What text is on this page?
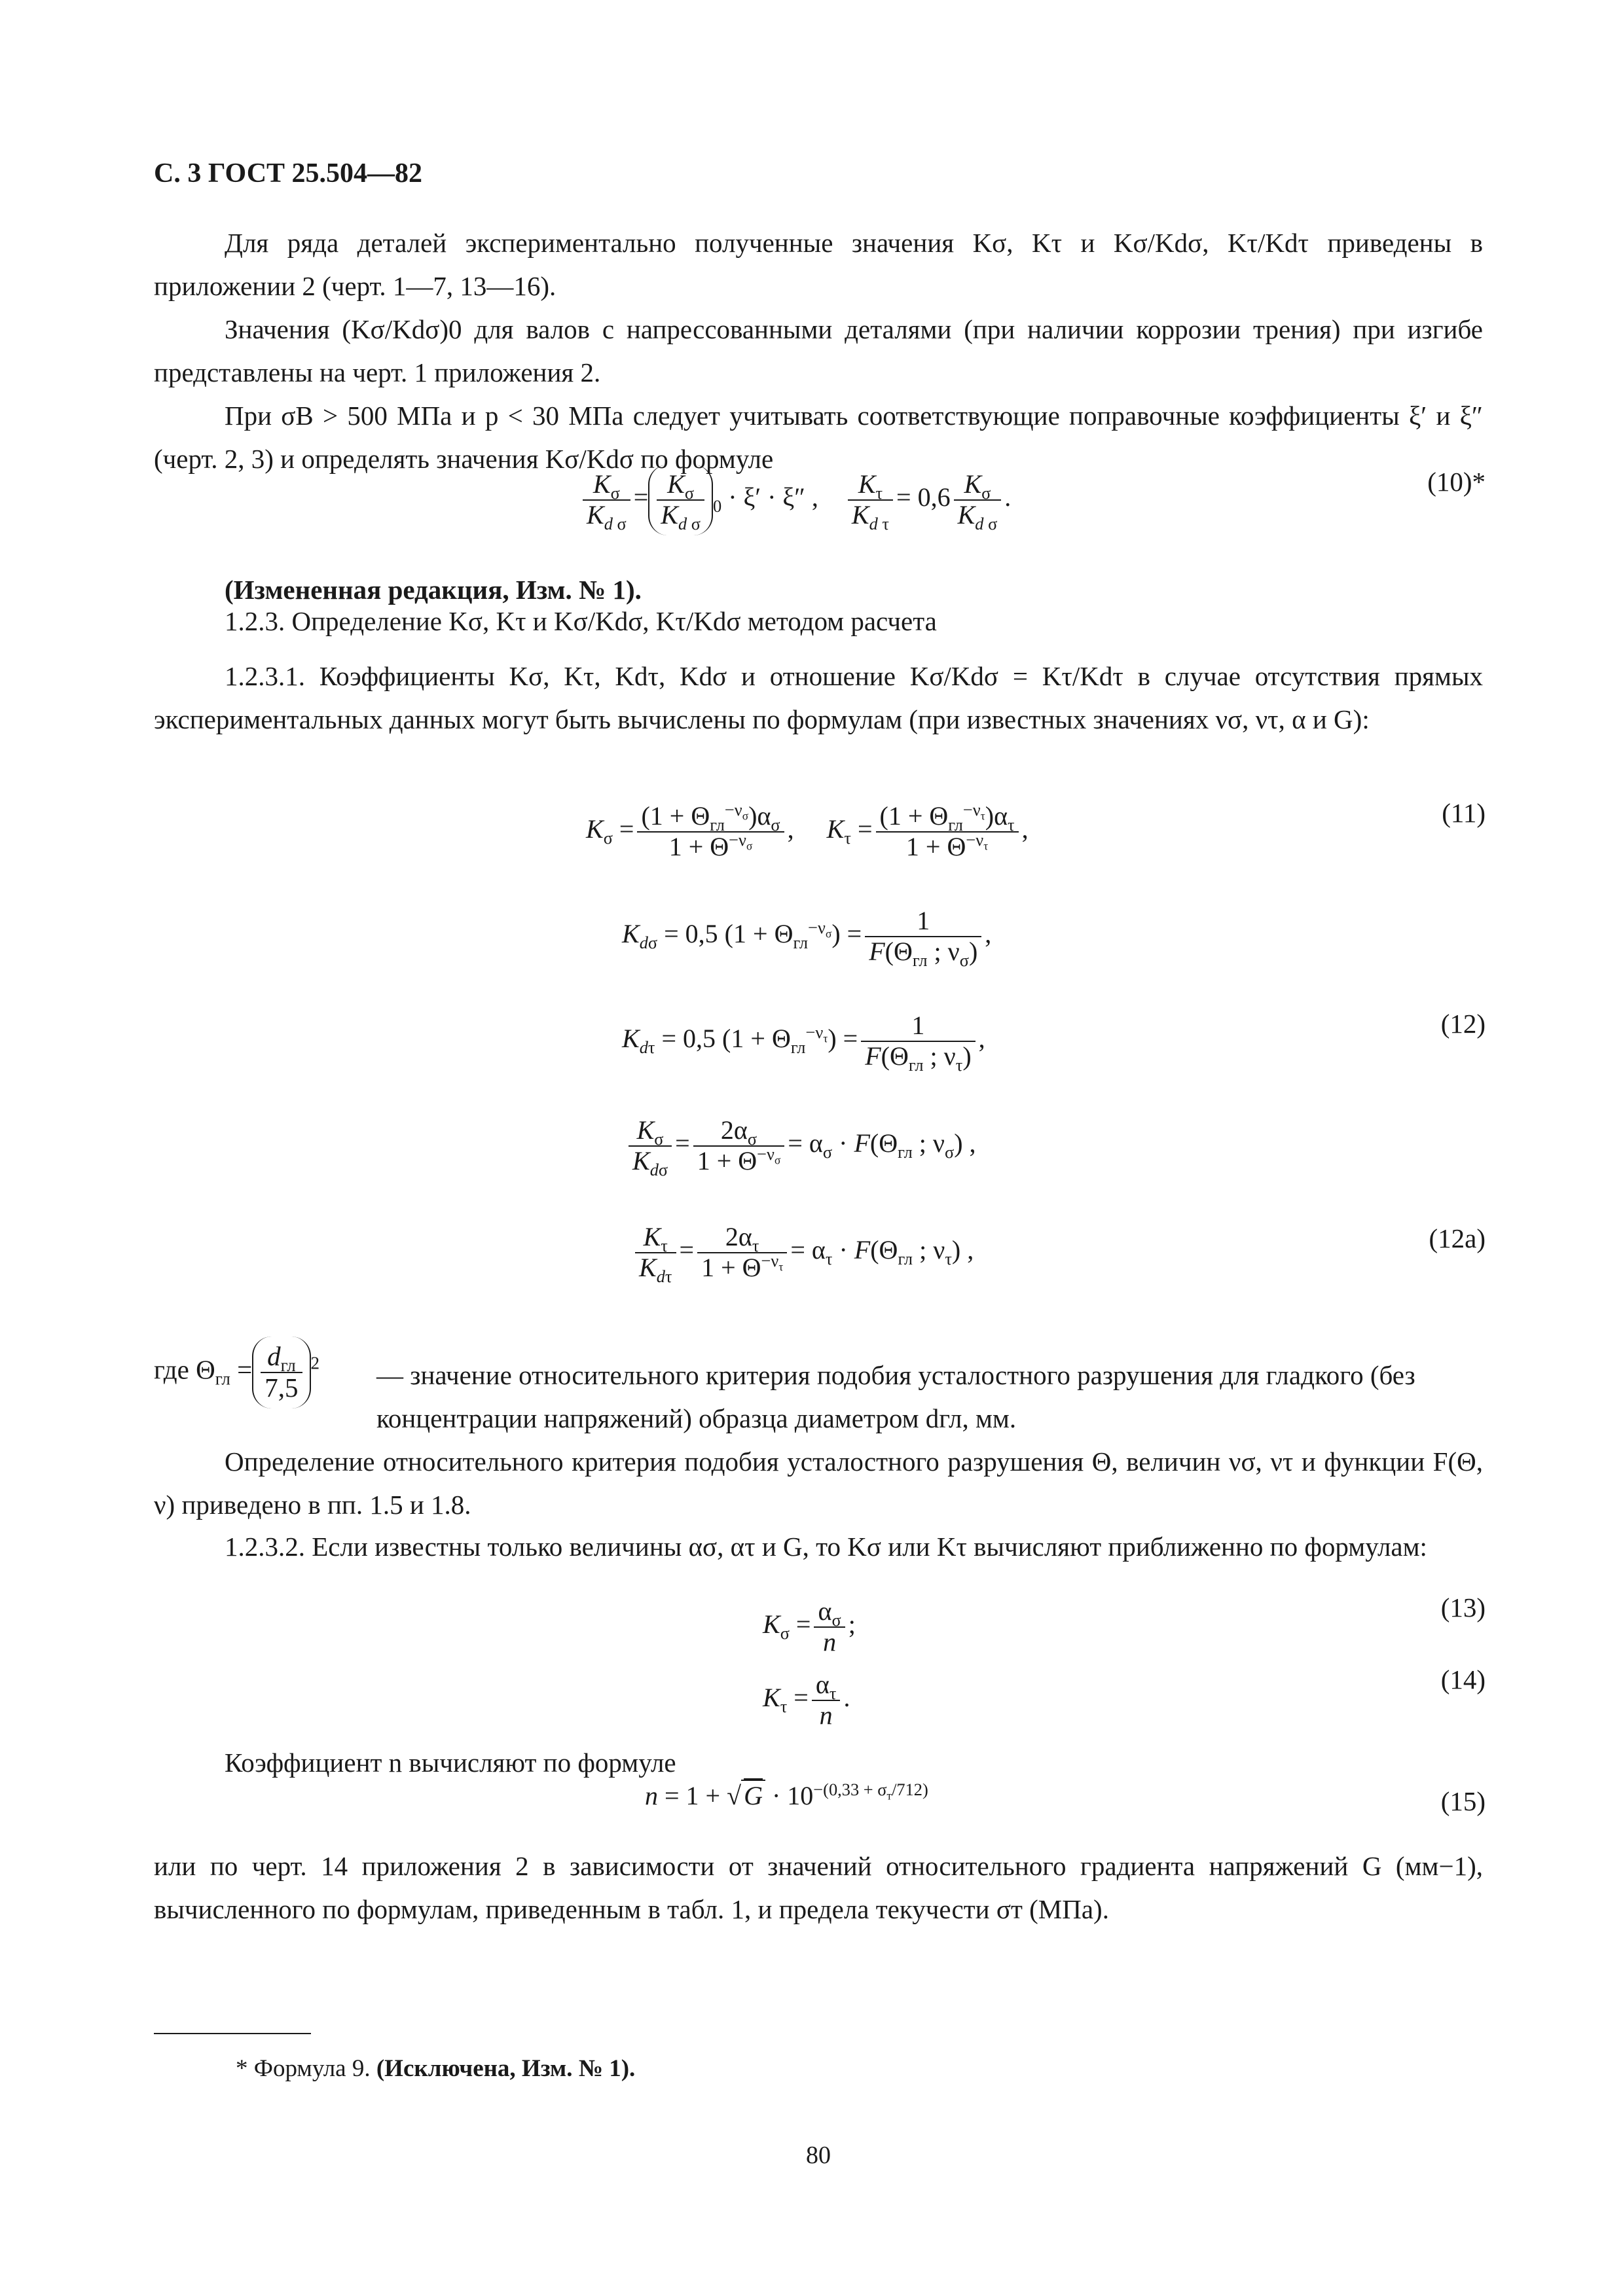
С. 3 ГОСТ 25.504—82
Для ряда деталей экспериментально полученные значения Kσ, Kτ и Kσ/Kdσ, Kτ/Kdτ приведены в приложении 2 (черт. 1—7, 13—16).
Значения (Kσ/Kdσ)0 для валов с напрессованными деталями (при наличии коррозии трения) при изгибе представлены на черт. 1 приложения 2.
При σВ > 500 МПа и p < 30 МПа следует учитывать соответствующие поправочные коэффициенты ξ′ и ξ″ (черт. 2, 3) и определять значения Kσ/Kdσ по формуле
$\frac{K_\sigma}{K_{d \sigma}} = \frac{K_\sigma}{K_{d \sigma}} _0 \cdot \xi' \cdot \xi''$ , $\frac{K_\tau}{K_{d \tau}} = 0,6 \frac{K_\sigma}{K_{d \sigma}}$ .
(10)*
(Измененная редакция, Изм. № 1).
1.2.3. Определение Kσ, Kτ и Kσ/Kdσ, Kτ/Kdσ методом расчета
1.2.3.1. Коэффициенты Kσ, Kτ, Kdτ, Kdσ и отношение Kσ/Kdσ = Kτ/Kdτ в случае отсутствия прямых экспериментальных данных могут быть вычислены по формулам (при известных значениях νσ, ντ, α и G):
$K_\sigma = (1 + \Theta_{гл}^{-\nu_\sigma})\alpha_\sigma$
$1 + \Theta^{-\nu_\sigma}$
,     $K_\tau = (1 + \Theta_{гл}^{-\nu_\tau})\alpha_\tau$
$1 + \Theta^{-\nu_\tau}$
,
(11)
$K_{d\sigma} = 0,5$ $(1 + \Theta_{гл}^{-\nu_\sigma})$ =	1
$F(\Theta_{гл}$ ; $\nu_\sigma$)
,
$K_{d\tau} = 0,5$ $(1 + \Theta_{гл}^{-\nu_\tau})$ =	1
$F(\Theta_{гл}$ ; $\nu_\tau$)
,	(12)
$K_\sigma$
$K_{d\sigma}$
= $\frac{2\alpha_\sigma}{1 + \Theta^{-\nu_\sigma}} = \alpha_\sigma \cdot F(\Theta_{гл}$ ; $\nu_\sigma$) ,
$K_\tau$
$K_{d\tau}$
= $\frac{2\alpha_\tau}{1 + \Theta^{-\nu_\tau}} = \alpha_\tau \cdot F(\Theta_{гл}$ ; $\nu_\tau$) ,	(12a)
где $\Theta_{гл} = d_{гл}$
7,5
$^2$ — значение относительного критерия подобия усталостного разрушения для гладкого (без концентрации напряжений) образца диаметром dгл, мм.
Определение относительного критерия подобия усталостного разрушения Θ, величин νσ, ντ и функции F(Θ, ν) приведено в пп. 1.5 и 1.8.
1.2.3.2. Если известны только величины ασ, ατ и G, то Kσ или Kτ вычисляют приближенно по формулам:
$K_\sigma = \frac{\alpha_\sigma}{n}$ ;
(13)
$K_\tau = \frac{\alpha_\tau}{n}$ .
(14)
Коэффициент n вычисляют по формуле
n = 1 + √ $G \cdot 10^{-(0,33 + \sigma_т/712)}$	(15)
или по черт. 14 приложения 2 в зависимости от значений относительного градиента напряжений G (мм−1), вычисленного по формулам, приведенным в табл. 1, и предела текучести σт (МПа).
* Формула 9. (Исключена, Изм. № 1).
80
